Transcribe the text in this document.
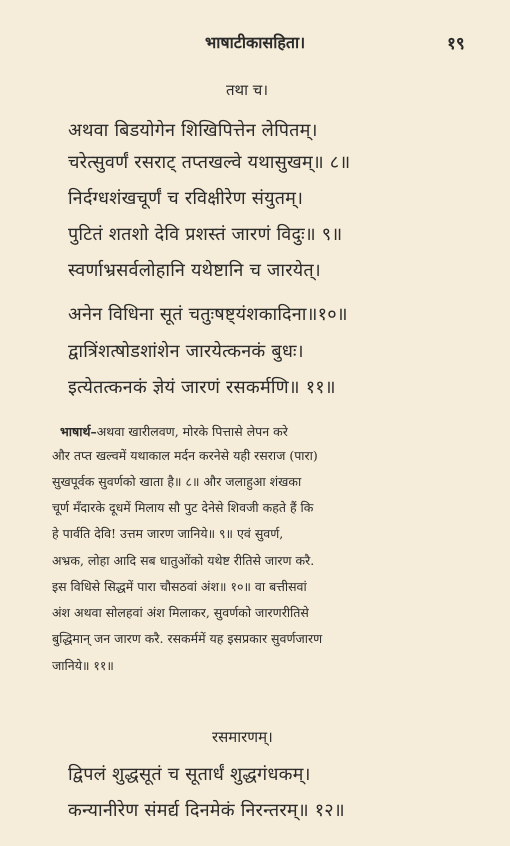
भाषाटीकासहिता।	१९
तथा च।
अथवा बिडयोगेन शिखिपित्तेन लेपितम्।
चरेत्सुवर्णं रसराट् तप्तखल्वे यथासुखम्॥ ८॥
निर्दग्धशंखचूर्णं च रविक्षीरेण संयुतम्।
पुटितं शतशो देवि प्रशस्तं जारणं विदुः॥ ९॥
स्वर्णाभ्रसर्वलोहानि यथेष्टानि च जारयेत्।
अनेन विधिना सूतं चतुःषष्ट्यंशकादिना॥१०॥
द्वात्रिंशत्षोडशांशेन जारयेत्कनकं बुधः।
इत्येतत्कनकं ज्ञेयं जारणं रसकर्मणि॥ ११॥
भाषार्थ–अथवा खारीलवण, मोरके पित्तासे लेपन करे
और तप्त खल्वमें यथाकाल मर्दन करनेसे यही रसराज (पारा)
सुखपूर्वक सुवर्णको खाता है॥ ८॥ और जलाहुआ शंखका
चूर्ण मँदारके दूधमें मिलाय सौ पुट देनेसे शिवजी कहते हैं कि
हे पार्वति देवि! उत्तम जारण जानिये॥ ९॥ एवं सुवर्ण,
अभ्रक, लोहा आदि सब धातुओंको यथेष्ट रीतिसे जारण करै.
इस विधिसे सिद्धमें पारा चौसठवां अंश॥ १०॥ वा बत्तीसवां
अंश अथवा सोलहवां अंश मिलाकर, सुवर्णको जारणरीतिसे
बुद्धिमान् जन जारण करै. रसकर्ममें यह इसप्रकार सुवर्णजारण
जानिये॥ ११॥
रसमारणम्।
द्विपलं शुद्धसूतं च सूतार्धं शुद्धगंधकम्।
कन्यानीरेण संमर्द्य दिनमेकं निरन्तरम्॥ १२॥
